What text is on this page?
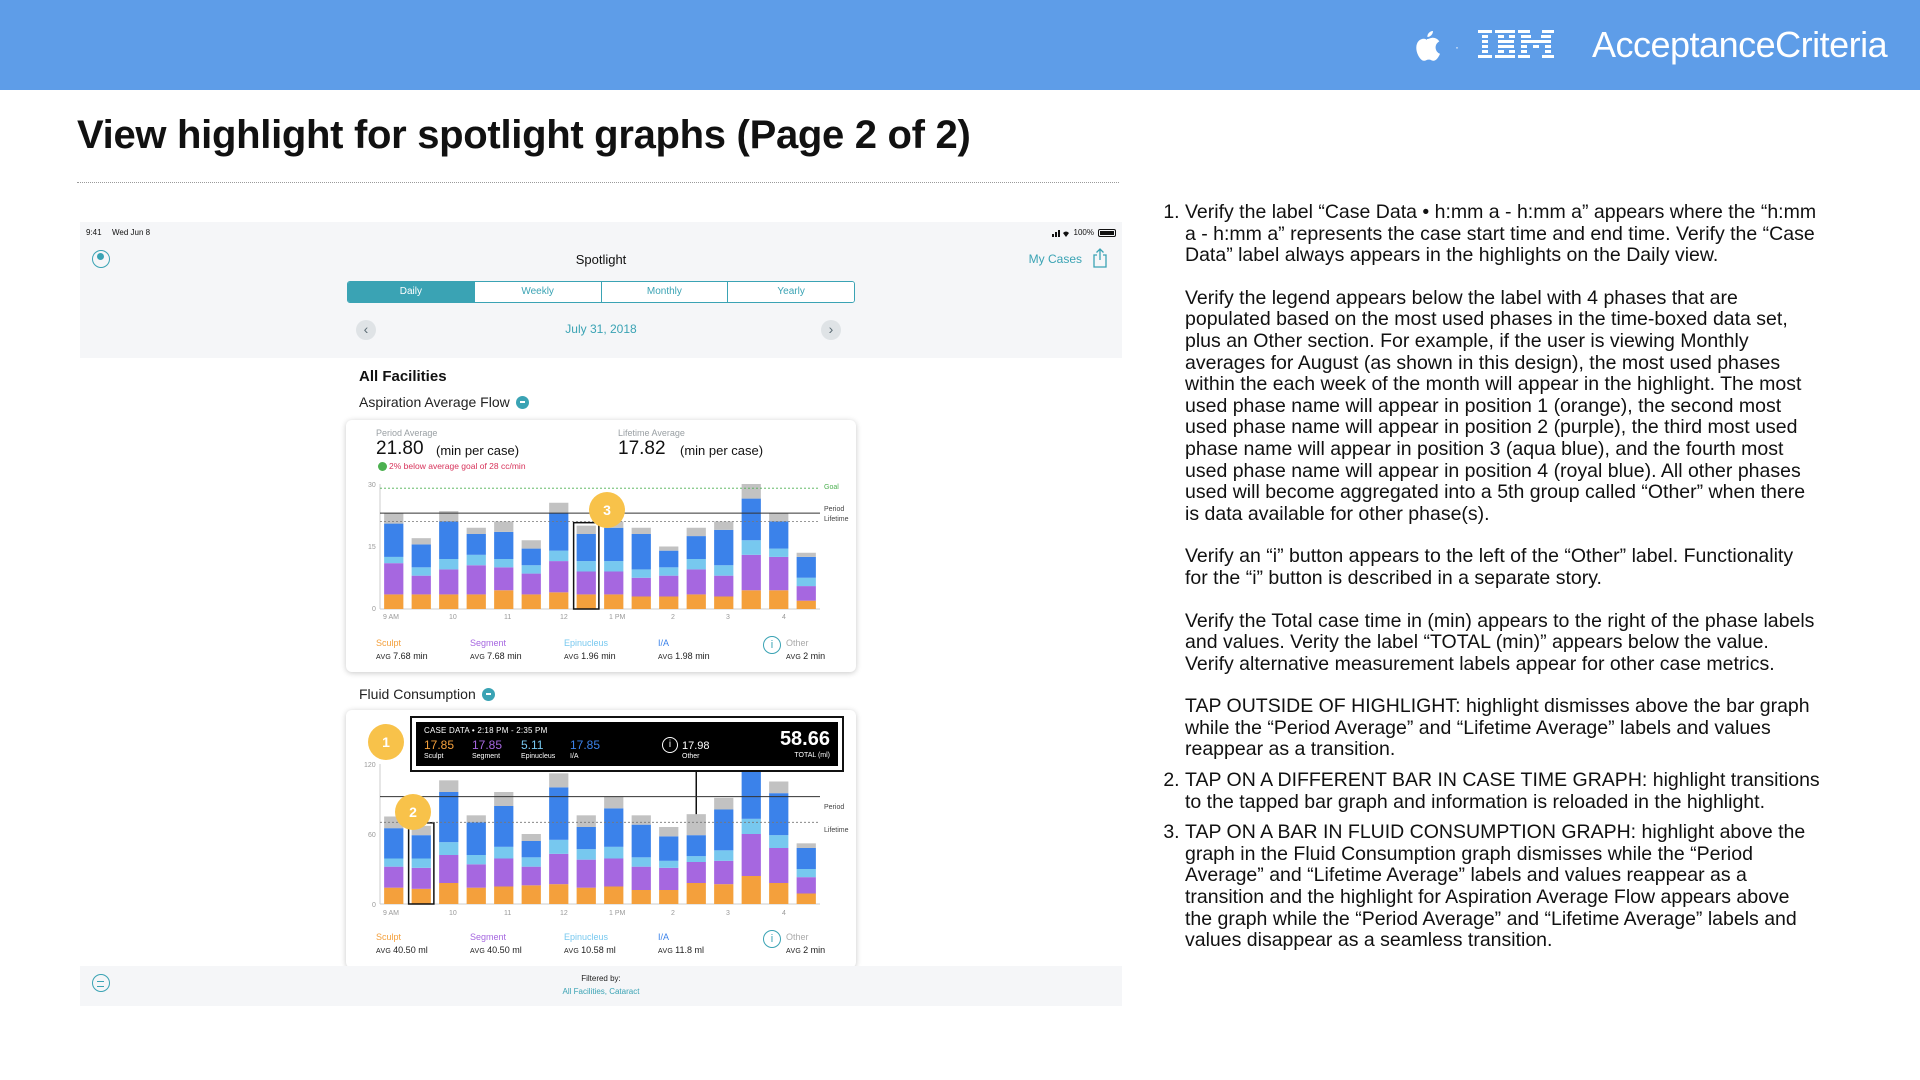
·	AcceptanceCriteria
View highlight for spotlight graphs (Page 2 of 2)
9:41 Wed Jun 8	100%
Spotlight	My Cases
Daily	Weekly	Monthly	Yearly
‹	July 31, 2018	›
All Facilities
Aspiration Average Flow
Period Average
21.80 (min per case)
2% below average goal of 28 cc/min
Lifetime Average
17.82 (min per case)
30
15
0
Goal
Period
Lifetime
9 AM	10	11	12	1 PM	2	3	4
3
Sculpt
AVG 7.68 min
Segment
AVG 7.68 min
Epinucleus
AVG 1.96 min
I/A
AVG 1.98 min
i	Other
AVG 2 min
Fluid Consumption
CASE DATA • 2:18 PM - 2:35 PM
17.85
Sculpt
17.85
Segment
5.11
Epinucleus
17.85
I/A
i 17.98
Other
58.66
TOTAL (ml)
120
60
0
Period
Lifetime
9 AM	10	11	12	1 PM	2	3	4
1
2
Sculpt
AVG 40.50 ml
Segment
AVG 40.50 ml
Epinucleus
AVG 10.58 ml
I/A
AVG 11.8 ml
i	Other
AVG 2 min
Filtered by:
All Facilities, Cataract

1. Verify the label “Case Data • h:mm a - h:mm a” appears where the “h:mm a - h:mm a” represents the case start time and end time. Verify the “Case Data” label always appears in the highlights on the Daily view.

Verify the legend appears below the label with 4 phases that are populated based on the most used phases in the time-boxed data set, plus an Other section. For example, if the user is viewing Monthly averages for August (as shown in this design), the most used phases within the each week of the month will appear in the highlight. The most used phase name will appear in position 1 (orange), the second most used phase name will appear in position 2 (purple), the third most used phase name will appear in position 3 (aqua blue), and the fourth most used phase name will appear in position 4 (royal blue). All other phases used will become aggregated into a 5th group called “Other” when there is data available for other phase(s).

Verify an “i” button appears to the left of the “Other” label. Functionality for the “i” button is described in a separate story.

Verify the Total case time in (min) appears to the right of the phase labels and values. Verity the label “TOTAL (min)” appears below the value. Verify alternative measurement labels appear for other case metrics.

TAP OUTSIDE OF HIGHLIGHT: highlight dismisses above the bar graph while the “Period Average” and “Lifetime Average” labels and values reappear as a transition.

2. TAP ON A DIFFERENT BAR IN CASE TIME GRAPH: highlight transitions to the tapped bar graph and information is reloaded in the highlight.

3. TAP ON A BAR IN FLUID CONSUMPTION GRAPH: highlight above the graph in the Fluid Consumption graph dismisses while the “Period Average” and “Lifetime Average” labels and values reappear as a transition and the highlight for Aspiration Average Flow appears above the graph while the “Period Average” and “Lifetime Average” labels and values disappear as a seamless transition.
